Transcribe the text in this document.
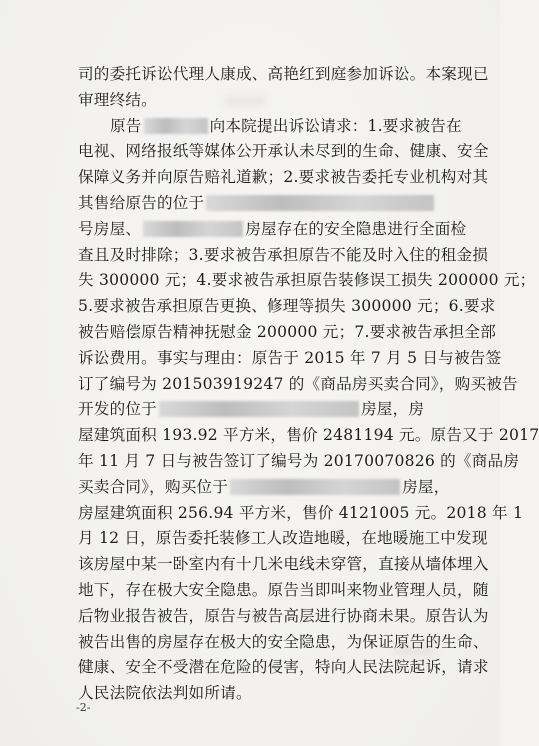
司的委托诉讼代理人康成、高艳红到庭参加诉讼。本案现已
审理终结。
原告	向本院提出诉讼请求：1.要求被告在
电视、网络报纸等媒体公开承认未尽到的生命、健康、安全
保障义务并向原告赔礼道歉；2.要求被告委托专业机构对其
其售给原告的位于
号房屋、	房屋存在的安全隐患进行全面检
查且及时排除；3.要求被告承担原告不能及时入住的租金损
失 300000 元；4.要求被告承担原告装修误工损失 200000 元；
5.要求被告承担原告更换、修理等损失 300000 元；6.要求
被告赔偿原告精神抚慰金 200000 元；7.要求被告承担全部
诉讼费用。事实与理由：原告于 2015 年 7 月 5 日与被告签
订了编号为 201503919247 的《商品房买卖合同》，购买被告
开发的位于	房屋，房
屋建筑面积 193.92 平方米，售价 2481194 元。原告又于 2017
年 11 月 7 日与被告签订了编号为 20170070826 的《商品房
买卖合同》，购买位于	房屋，
房屋建筑面积 256.94 平方米，售价 4121005 元。2018 年 1
月 12 日，原告委托装修工人改造地暖，在地暖施工中发现
该房屋中某一卧室内有十几米电线未穿管，直接从墙体埋入
地下，存在极大安全隐患。原告当即叫来物业管理人员，随
后物业报告被告，原告与被告高层进行协商未果。原告认为
被告出售的房屋存在极大的安全隐患，为保证原告的生命、
健康、安全不受潜在危险的侵害，特向人民法院起诉，请求
人民法院依法判如所请。
-2-
